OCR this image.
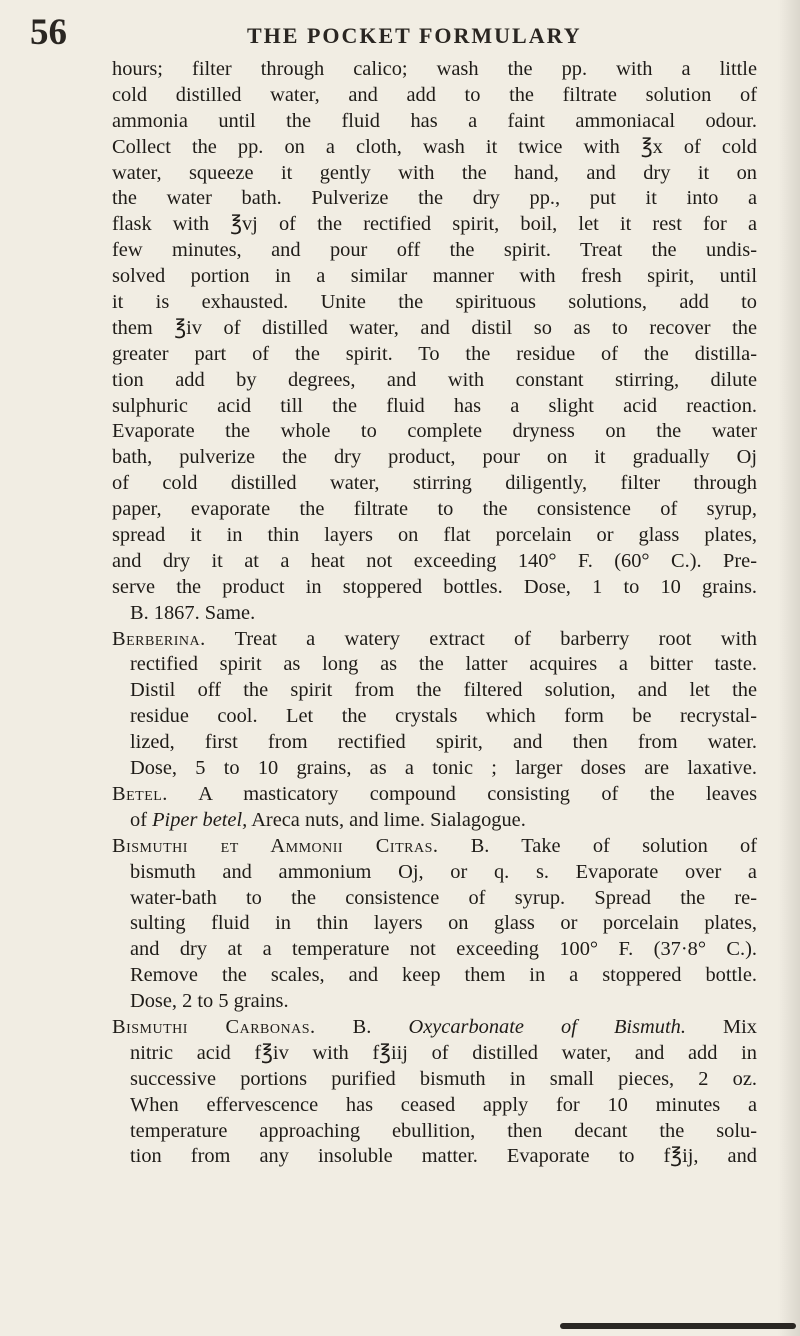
56	THE POCKET FORMULARY
hours; filter through calico; wash the pp. with a little
cold distilled water, and add to the filtrate solution of
ammonia until the fluid has a faint ammoniacal odour.
Collect the pp. on a cloth, wash it twice with ℥x of cold
water, squeeze it gently with the hand, and dry it on
the water bath. Pulverize the dry pp., put it into a
flask with ℥vj of the rectified spirit, boil, let it rest for a
few minutes, and pour off the spirit. Treat the undis-
solved portion in a similar manner with fresh spirit, until
it is exhausted. Unite the spirituous solutions, add to
them ℥iv of distilled water, and distil so as to recover the
greater part of the spirit. To the residue of the distilla-
tion add by degrees, and with constant stirring, dilute
sulphuric acid till the fluid has a slight acid reaction.
Evaporate the whole to complete dryness on the water
bath, pulverize the dry product, pour on it gradually Oj
of cold distilled water, stirring diligently, filter through
paper, evaporate the filtrate to the consistence of syrup,
spread it in thin layers on flat porcelain or glass plates,
and dry it at a heat not exceeding 140° F. (60° C.). Pre-
serve the product in stoppered bottles. Dose, 1 to 10 grains.
B. 1867. Same.
Berberina. Treat a watery extract of barberry root with
rectified spirit as long as the latter acquires a bitter taste.
Distil off the spirit from the filtered solution, and let the
residue cool. Let the crystals which form be recrystal-
lized, first from rectified spirit, and then from water.
Dose, 5 to 10 grains, as a tonic ; larger doses are laxative.
Betel. A masticatory compound consisting of the leaves
of Piper betel, Areca nuts, and lime. Sialagogue.
Bismuthi et Ammonii Citras. B. Take of solution of
bismuth and ammonium Oj, or q. s. Evaporate over a
water-bath to the consistence of syrup. Spread the re-
sulting fluid in thin layers on glass or porcelain plates,
and dry at a temperature not exceeding 100° F. (37·8° C.).
Remove the scales, and keep them in a stoppered bottle.
Dose, 2 to 5 grains.
Bismuthi Carbonas. B. Oxycarbonate of Bismuth. Mix
nitric acid f℥iv with f℥iij of distilled water, and add in
successive portions purified bismuth in small pieces, 2 oz.
When effervescence has ceased apply for 10 minutes a
temperature approaching ebullition, then decant the solu-
tion from any insoluble matter. Evaporate to f℥ij, and
